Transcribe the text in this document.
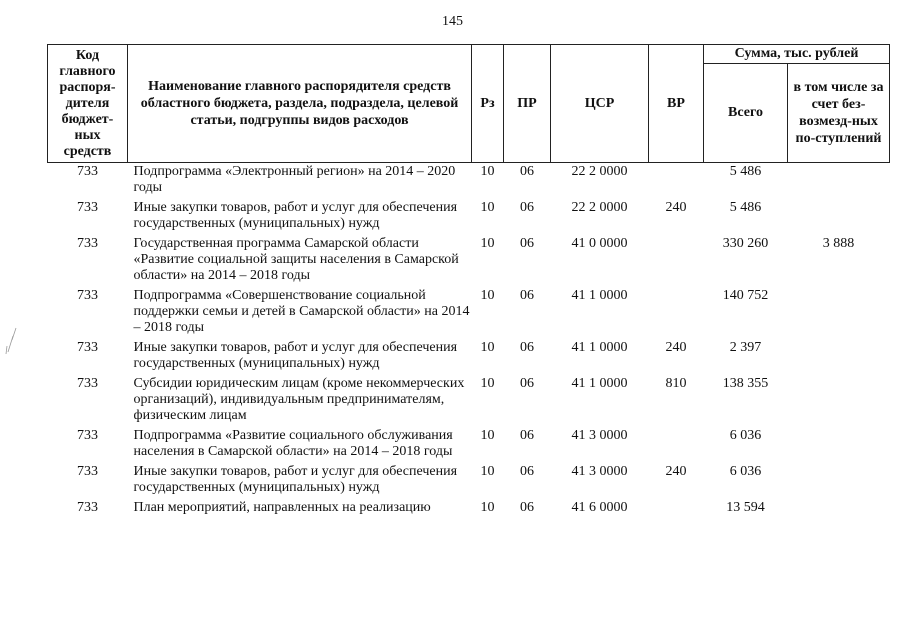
145
Код главного распоря-дителя бюджет-ных средств	Наименование главного распорядителя средств областного бюджета, раздела, подраздела, целевой статьи, подгруппы видов расходов	Рз	ПР	ЦСР	ВР	Сумма, тыс. рублей	
						Всего	в том числе за счет без-возмезд-ных по-ступлений
733	Подпрограмма «Электронный регион» на 2014 – 2020 годы	10	06	22 2 0000		5 486	
733	Иные закупки товаров, работ и услуг для обеспечения государственных (муниципальных) нужд	10	06	22 2 0000	240	5 486	
733	Государственная программа Самарской области «Развитие социальной защиты населения в Самарской области» на 2014 – 2018 годы	10	06	41 0 0000		330 260	3 888
733	Подпрограмма «Совершенствование социальной поддержки семьи и детей в Самарской области» на 2014 – 2018 годы	10	06	41 1 0000		140 752	
733	Иные закупки товаров, работ и услуг для обеспечения государственных (муниципальных) нужд	10	06	41 1 0000	240	2 397	
733	Субсидии юридическим лицам (кроме некоммерческих организаций), индивидуальным предпринимателям, физическим лицам	10	06	41 1 0000	810	138 355	
733	Подпрограмма «Развитие социального обслуживания населения в Самарской области» на 2014 – 2018 годы	10	06	41 3 0000		6 036	
733	Иные закупки товаров, работ и услуг для обеспечения государственных (муниципальных) нужд	10	06	41 3 0000	240	6 036	
733	План мероприятий, направленных на реализацию	10	06	41 6 0000		13 594	
